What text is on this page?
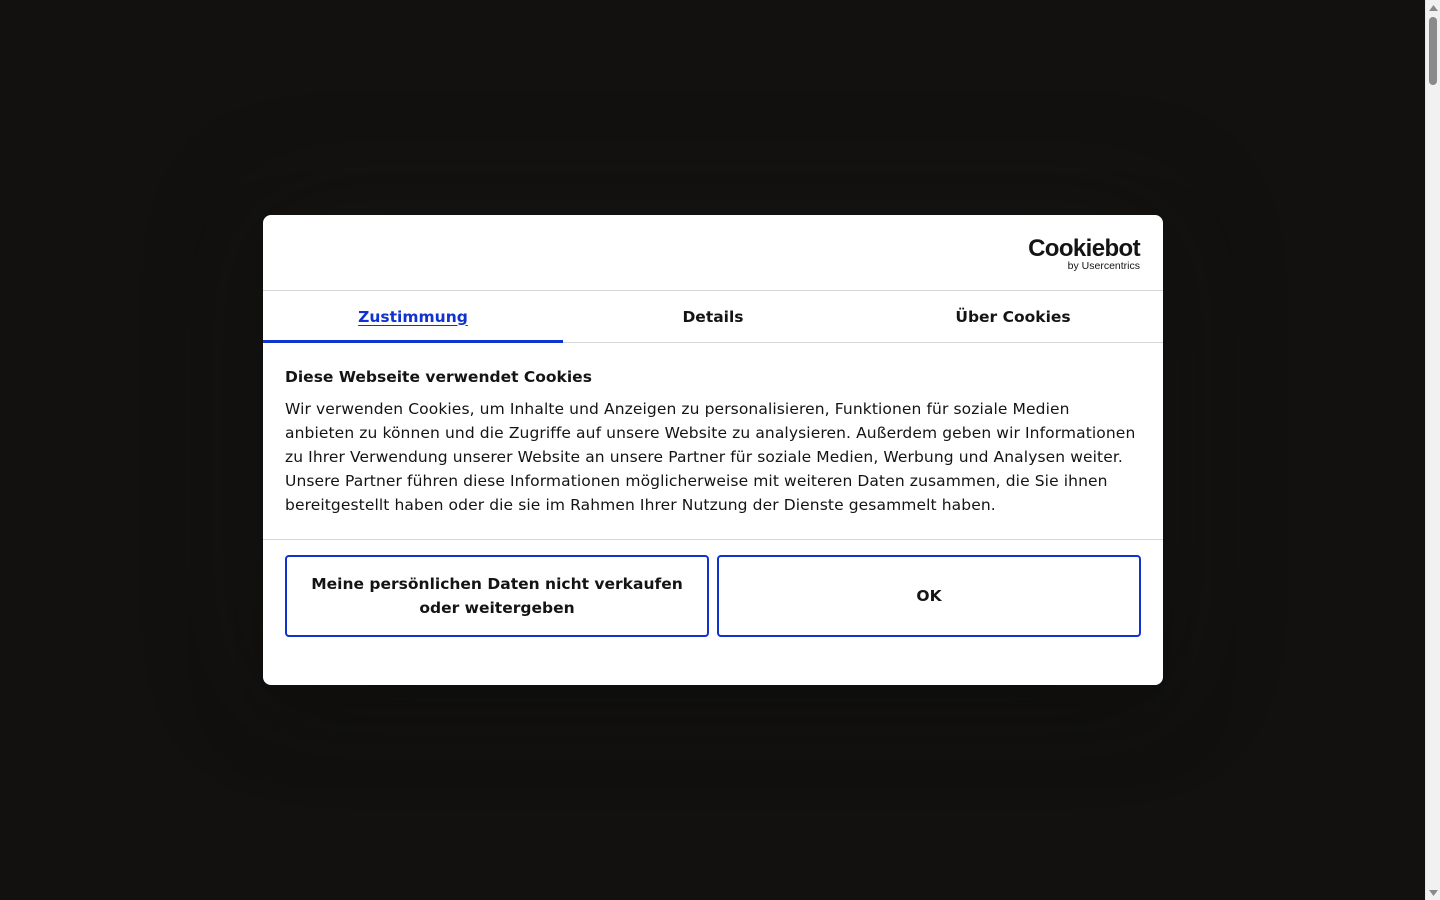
Cookiebot
by Usercentrics
Zustimmung	Details	Über Cookies
Diese Webseite verwendet Cookies

Wir verwenden Cookies, um Inhalte und Anzeigen zu personalisieren, Funktionen für soziale Medien anbieten zu können und die Zugriffe auf unsere Website zu analysieren. Außerdem geben wir Informationen zu Ihrer Verwendung unserer Website an unsere Partner für soziale Medien, Werbung und Analysen weiter. Unsere Partner führen diese Informationen möglicherweise mit weiteren Daten zusammen, die Sie ihnen bereitgestellt haben oder die sie im Rahmen Ihrer Nutzung der Dienste gesammelt haben.

Meine persönlichen Daten nicht verkaufen oder weitergeben
OK
